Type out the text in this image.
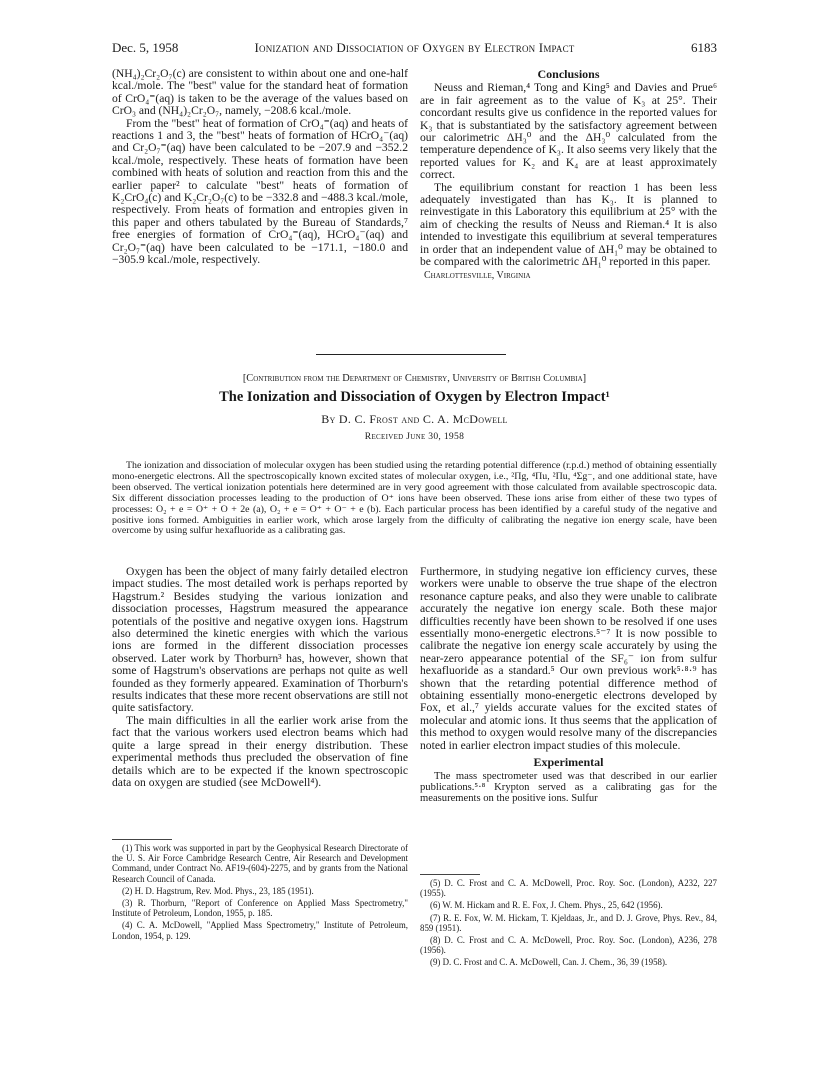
Dec. 5, 1958	Ionization and Dissociation of Oxygen by Electron Impact	6183

(NH₄)₂Cr₂O₇(c) are consistent to within about one and one-half kcal./mole. The "best" value for the standard heat of formation of CrO₄⁼(aq) is taken to be the average of the values based on CrO₃ and (NH₄)₂Cr₂O₇, namely, −208.6 kcal./mole.

From the "best" heat of formation of CrO₄⁼(aq) and heats of reactions 1 and 3, the "best" heats of formation of HCrO₄⁻(aq) and Cr₂O₇⁼(aq) have been calculated to be −207.9 and −352.2 kcal./mole, respectively. These heats of formation have been combined with heats of solution and reaction from this and the earlier paper² to calculate "best" heats of formation of K₂CrO₄(c) and K₂Cr₂O₇(c) to be −332.8 and −488.3 kcal./mole, respectively. From heats of formation and entropies given in this paper and others tabulated by the Bureau of Standards,⁷ free energies of formation of CrO₄⁼(aq), HCrO₄⁻(aq) and Cr₂O₇⁼(aq) have been calculated to be −171.1, −180.0 and −305.9 kcal./mole, respectively.

Conclusions

Neuss and Rieman,⁴ Tong and King⁵ and Davies and Prue⁶ are in fair agreement as to the value of K₃ at 25°. Their concordant results give us confidence in the reported values for K₃ that is substantiated by the satisfactory agreement between our calorimetric ΔH₃⁰ and the ΔH₃⁰ calculated from the temperature dependence of K₃. It also seems very likely that the reported values for K₂ and K₄ are at least approximately correct.

The equilibrium constant for reaction 1 has been less adequately investigated than has K₃. It is planned to reinvestigate in this Laboratory this equilibrium at 25° with the aim of checking the results of Neuss and Rieman.⁴ It is also intended to investigate this equilibrium at several temperatures in order that an independent value of ΔH₁⁰ may be obtained to be compared with the calorimetric ΔH₁⁰ reported in this paper.

Charlottesville, Virginia
[Contribution from the Department of Chemistry, University of British Columbia]
The Ionization and Dissociation of Oxygen by Electron Impact¹
By D. C. Frost and C. A. McDowell
Received June 30, 1958

The ionization and dissociation of molecular oxygen has been studied using the retarding potential difference (r.p.d.) method of obtaining essentially mono-energetic electrons. All the spectroscopically known excited states of molecular oxygen, i.e., ²Πg, ⁴Πu, ²Πu, ⁴Σg⁻, and one additional state, have been observed. The vertical ionization potentials here determined are in very good agreement with those calculated from available spectroscopic data. Six different dissociation processes leading to the production of O⁺ ions have been observed. These ions arise from either of these two types of processes: O₂ + e = O⁺ + O + 2e (a), O₂ + e = O⁺ + O⁻ + e (b). Each particular process has been identified by a careful study of the negative and positive ions formed. Ambiguities in earlier work, which arose largely from the difficulty of calibrating the negative ion energy scale, have been overcome by using sulfur hexafluoride as a calibrating gas.

Oxygen has been the object of many fairly detailed electron impact studies. The most detailed work is perhaps reported by Hagstrum.² Besides studying the various ionization and dissociation processes, Hagstrum measured the appearance potentials of the positive and negative oxygen ions. Hagstrum also determined the kinetic energies with which the various ions are formed in the different dissociation processes observed. Later work by Thorburn³ has, however, shown that some of Hagstrum's observations are perhaps not quite as well founded as they formerly appeared. Examination of Thorburn's results indicates that these more recent observations are still not quite satisfactory.

The main difficulties in all the earlier work arise from the fact that the various workers used electron beams which had quite a large spread in their energy distribution. These experimental methods thus precluded the observation of fine details which are to be expected if the known spectroscopic data on oxygen are studied (see McDowell⁴).

Furthermore, in studying negative ion efficiency curves, these workers were unable to observe the true shape of the electron resonance capture peaks, and also they were unable to calibrate accurately the negative ion energy scale. Both these major difficulties recently have been shown to be resolved if one uses essentially mono-energetic electrons.⁵⁻⁷ It is now possible to calibrate the negative ion energy scale accurately by using the near-zero appearance potential of the SF₆⁻ ion from sulfur hexafluoride as a standard.⁵ Our own previous work⁵·⁸·⁹ has shown that the retarding potential difference method of obtaining essentially mono-energetic electrons developed by Fox, et al.,⁷ yields accurate values for the excited states of molecular and atomic ions. It thus seems that the application of this method to oxygen would resolve many of the discrepancies noted in earlier electron impact studies of this molecule.

Experimental

The mass spectrometer used was that described in our earlier publications.⁵·⁸ Krypton served as a calibrating gas for the measurements on the positive ions. Sulfur

(1) This work was supported in part by the Geophysical Research Directorate of the U. S. Air Force Cambridge Research Centre, Air Research and Development Command, under Contract No. AF19-(604)-2275, and by grants from the National Research Council of Canada.

(2) H. D. Hagstrum, Rev. Mod. Phys., 23, 185 (1951).

(3) R. Thorburn, "Report of Conference on Applied Mass Spectrometry," Institute of Petroleum, London, 1955, p. 185.

(4) C. A. McDowell, "Applied Mass Spectrometry," Institute of Petroleum, London, 1954, p. 129.

(5) D. C. Frost and C. A. McDowell, Proc. Roy. Soc. (London), A232, 227 (1955).

(6) W. M. Hickam and R. E. Fox, J. Chem. Phys., 25, 642 (1956).

(7) R. E. Fox, W. M. Hickam, T. Kjeldaas, Jr., and D. J. Grove, Phys. Rev., 84, 859 (1951).

(8) D. C. Frost and C. A. McDowell, Proc. Roy. Soc. (London), A236, 278 (1956).

(9) D. C. Frost and C. A. McDowell, Can. J. Chem., 36, 39 (1958).
